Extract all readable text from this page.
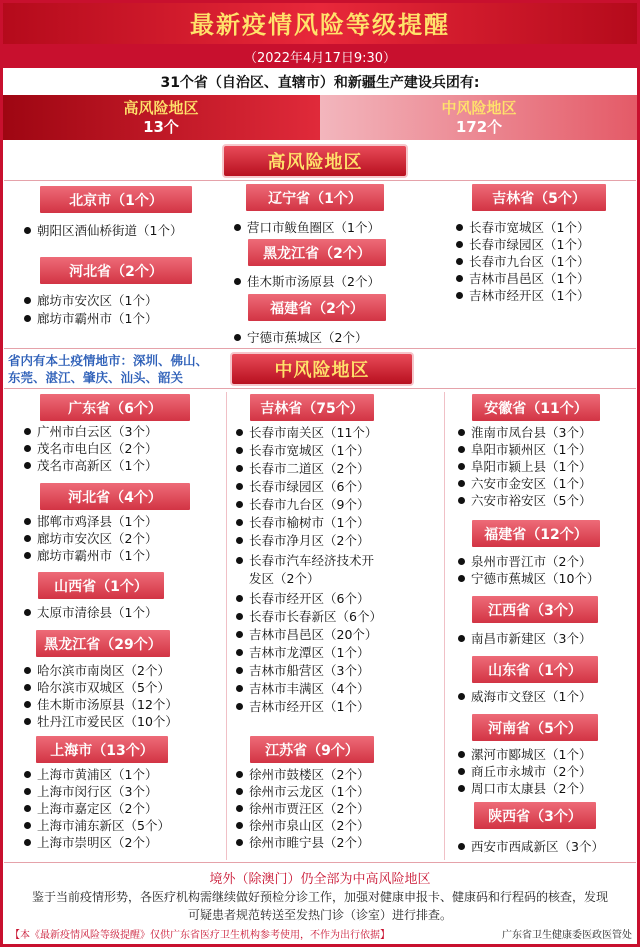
最新疫情风险等级提醒
（2022年4月17日9:30）
31个省（自治区、直辖市）和新疆生产建设兵团有:
高风险地区
13个
中风险地区
172个
高风险地区
北京市（1个）
朝阳区酒仙桥街道（1个）
河北省（2个）
廊坊市安次区（1个）
廊坊市霸州市（1个）
辽宁省（1个）
营口市鲅鱼圈区（1个）
黑龙江省（2个）
佳木斯市汤原县（2个）
福建省（2个）
宁德市蕉城区（2个）
吉林省（5个）
长春市宽城区（1个）
长春市绿园区（1个）
长春市九台区（1个）
吉林市昌邑区（1个）
吉林市经开区（1个）
省内有本土疫情地市：深圳、佛山、东莞、湛江、肇庆、汕头、韶关	中风险地区
广东省（6个）
广州市白云区（3个）
茂名市电白区（2个）
茂名市高新区（1个）
河北省（4个）
邯郸市鸡泽县（1个）
廊坊市安次区（2个）
廊坊市霸州市（1个）
山西省（1个）
太原市清徐县（1个）
黑龙江省（29个）
哈尔滨市南岗区（2个）
哈尔滨市双城区（5个）
佳木斯市汤原县（12个）
牡丹江市爱民区（10个）
上海市（13个）
上海市黄浦区（1个）
上海市闵行区（3个）
上海市嘉定区（2个）
上海市浦东新区（5个）
上海市崇明区（2个）
吉林省（75个）
长春市南关区（11个）
长春市宽城区（1个）
长春市二道区（2个）
长春市绿园区（6个）
长春市九台区（9个）
长春市榆树市（1个）
长春市净月区（2个）
长春市汽车经济技术开
发区（2个）
长春市经开区（6个）
长春市长春新区（6个）
吉林市昌邑区（20个）
吉林市龙潭区（1个）
吉林市船营区（3个）
吉林市丰满区（4个）
吉林市经开区（1个）
江苏省（9个）
徐州市鼓楼区（2个）
徐州市云龙区（1个）
徐州市贾汪区（2个）
徐州市泉山区（2个）
徐州市睢宁县（2个）
安徽省（11个）
淮南市凤台县（3个）
阜阳市颍州区（1个）
阜阳市颍上县（1个）
六安市金安区（1个）
六安市裕安区（5个）
福建省（12个）
泉州市晋江市（2个）
宁德市蕉城区（10个）
江西省（3个）
南昌市新建区（3个）
山东省（1个）
威海市文登区（1个）
河南省（5个）
漯河市郾城区（1个）
商丘市永城市（2个）
周口市太康县（2个）
陕西省（3个）
西安市西咸新区（3个）
境外（除澳门）仍全部为中高风险地区
鉴于当前疫情形势，各医疗机构需继续做好预检分诊工作，加强对健康申报卡、健康码和行程码的核查，发现可疑患者规范转送至发热门诊（诊室）进行排查。
【本《最新疫情风险等级提醒》仅供广东省医疗卫生机构参考使用，不作为出行依据】	广东省卫生健康委医政医管处
